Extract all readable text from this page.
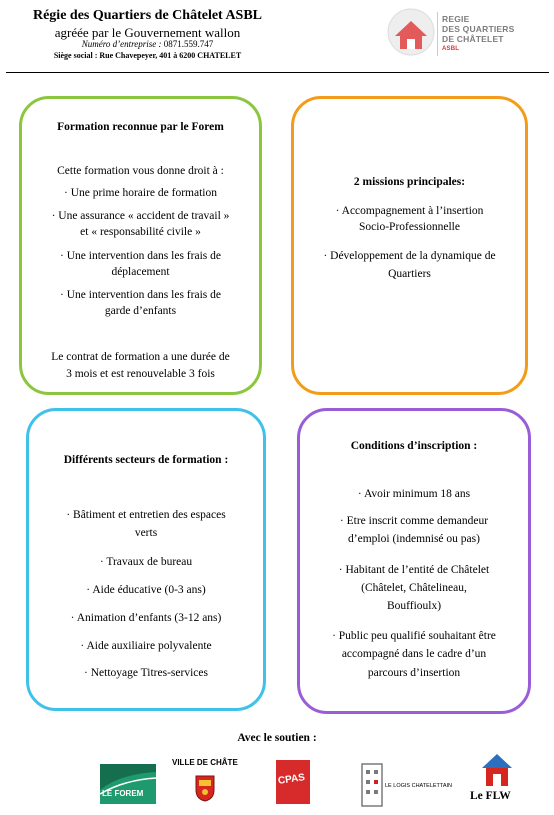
Régie des Quartiers de Châtelet ASBL
agréée par le Gouvernement wallon
Numéro d’entreprise : 0871.559.747
Siège social : Rue Chavepeyer, 401 à 6200 CHATELET
REGIE
DES QUARTIERS
DE CHÂTELET
ASBL
Formation reconnue par le Forem
Cette formation vous donne droit à :
· Une prime horaire de formation
· Une assurance « accident de travail »
et « responsabilité civile »
· Une intervention dans les frais de
déplacement
· Une intervention dans les frais de
garde d’enfants
Le contrat de formation a une durée de
3 mois et est renouvelable 3 fois
2 missions principales:
· Accompagnement à l’insertion
Socio-Professionnelle
· Développement de la dynamique de
Quartiers
Différents secteurs de formation :
· Bâtiment et entretien des espaces
verts
· Travaux de bureau
· Aide éducative (0-3 ans)
· Animation d’enfants (3-12 ans)
· Aide auxiliaire polyvalente
· Nettoyage Titres-services
Conditions d’inscription :
· Avoir minimum 18 ans
· Etre inscrit comme demandeur
d’emploi (indemnisé ou pas)
· Habitant de l’entité de Châtelet
(Châtelet, Châtelineau,
Bouffioulx)
· Public peu qualifié souhaitant être
accompagné dans le cadre d’un
parcours d’insertion
Avec le soutien :
LE FOREM
VILLE DE CHÂTE
CPAS	LE LOGIS CHATELETTAIN
Le FLW
